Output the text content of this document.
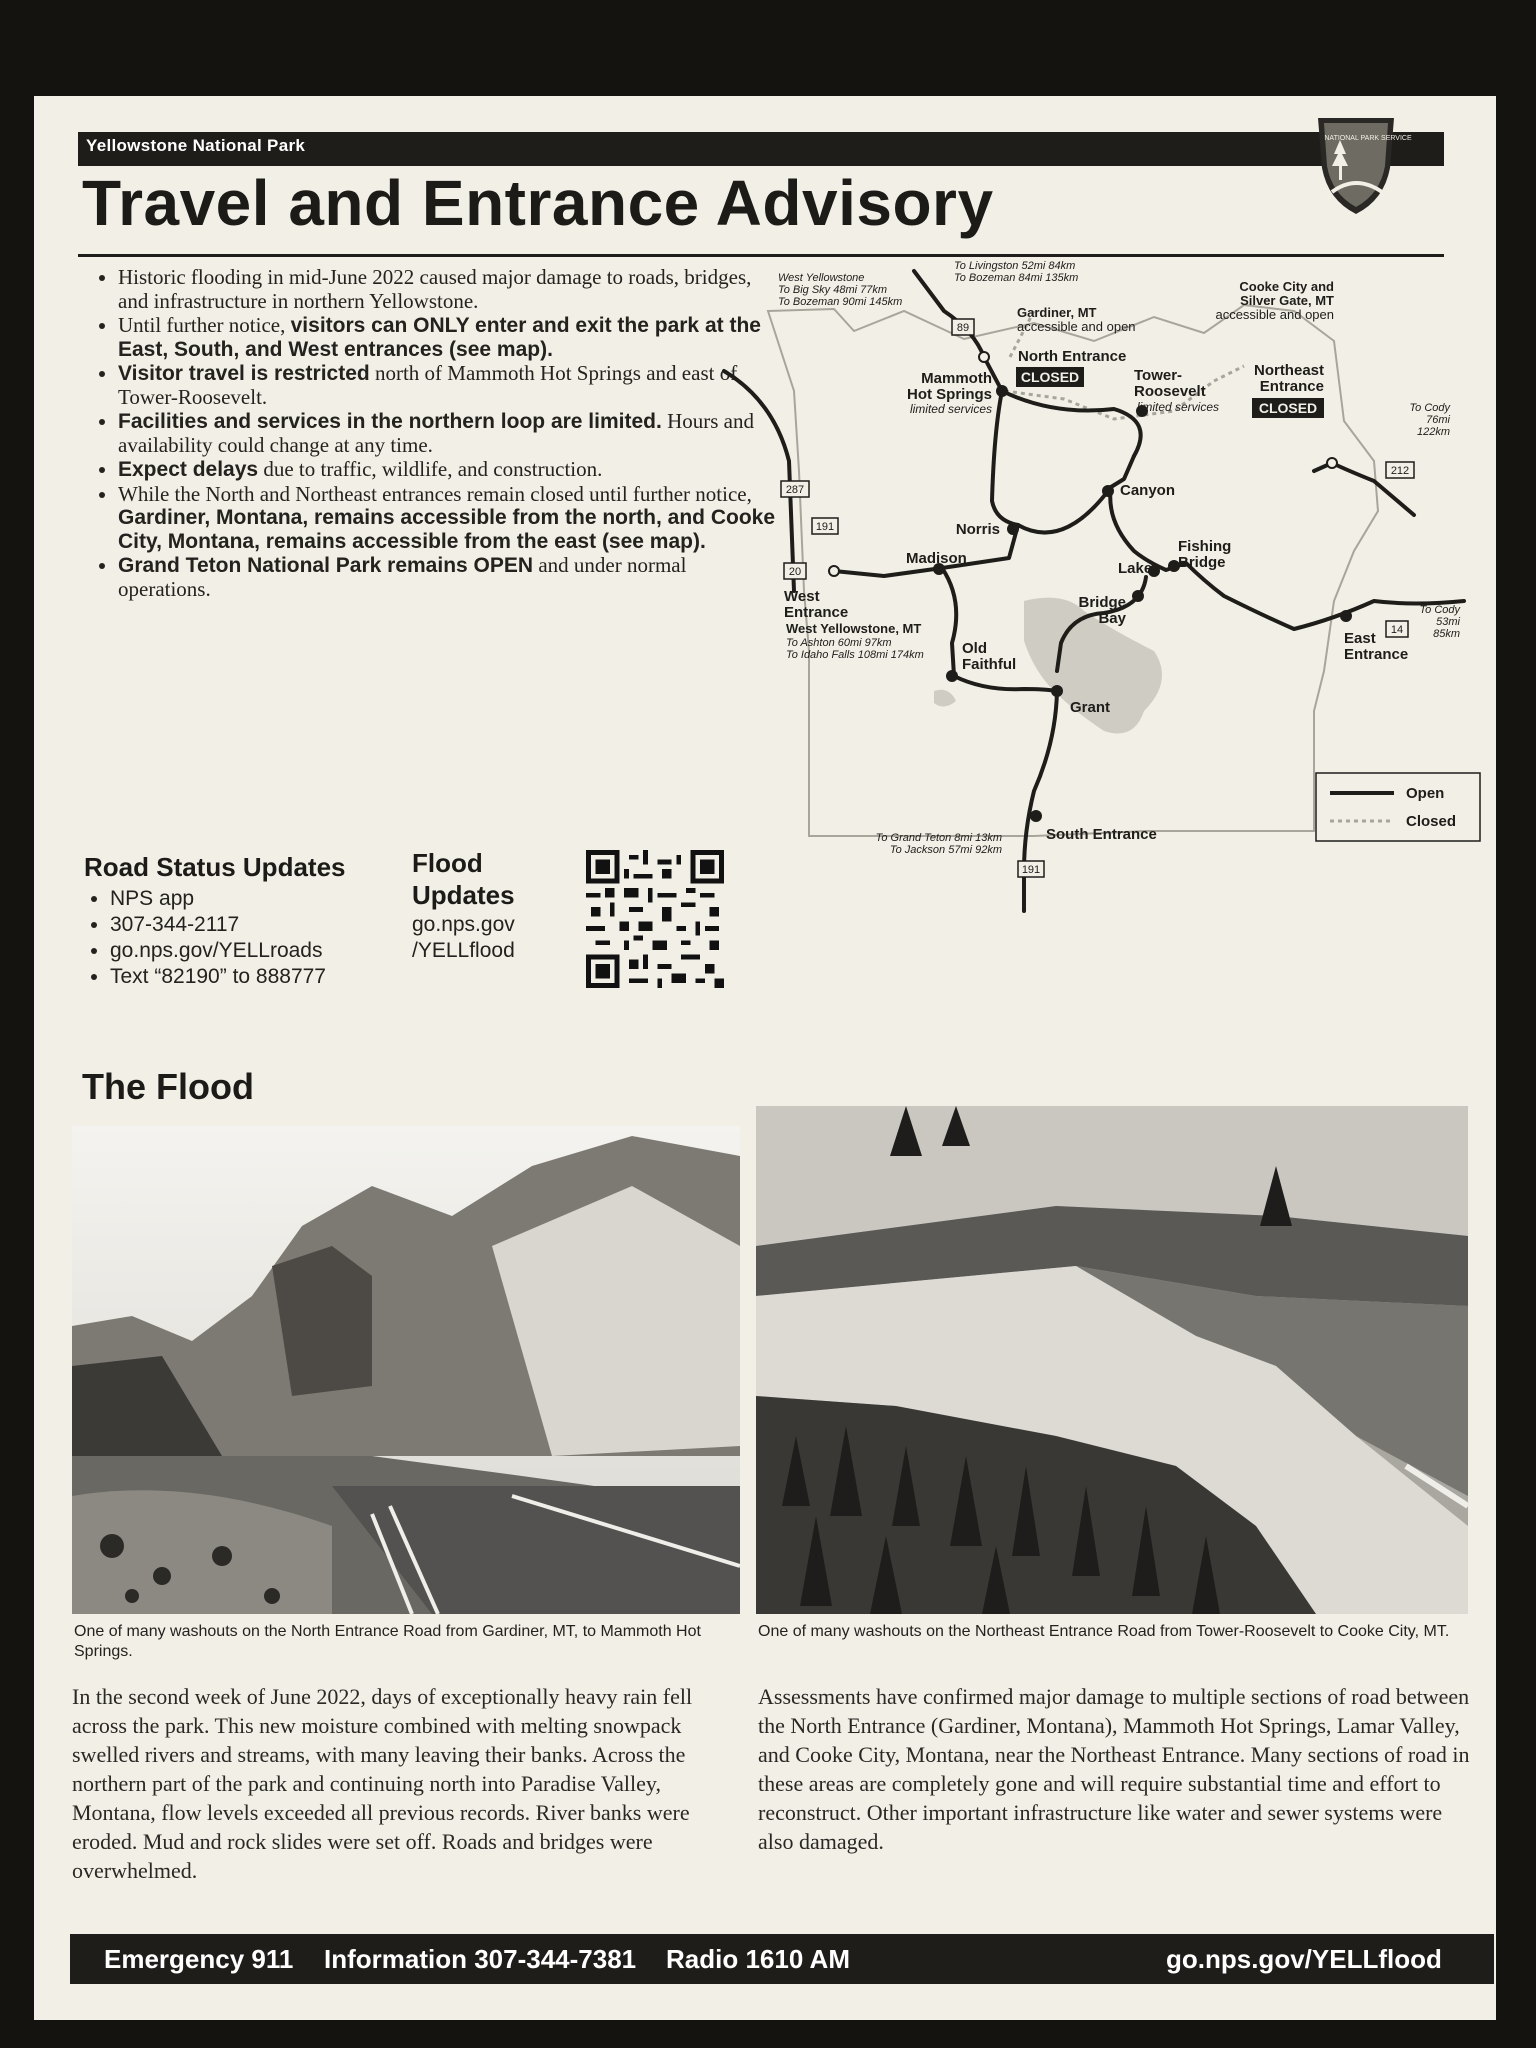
Yellowstone National Park	NATIONAL PARK SERVICE
Travel and Entrance Advisory
• Historic flooding in mid-June 2022 caused major damage to roads, bridges, and infrastructure in northern Yellowstone.
• Until further notice, visitors can ONLY enter and exit the park at the East, South, and West entrances (see map).
• Visitor travel is restricted north of Mammoth Hot Springs and east of Tower-Roosevelt.
• Facilities and services in the northern loop are limited. Hours and availability could change at any time.
• Expect delays due to traffic, wildlife, and construction.
• While the North and Northeast entrances remain closed until further notice, Gardiner, Montana, remains accessible from the north, and Cooke City, Montana, remains accessible from the east (see map).
• Grand Teton National Park remains OPEN and under normal operations.
Road Status Updates
• NPS app
• 307-344-2117
• go.nps.gov/YELLroads
• Text “82190” to 888777
Flood
Updates
go.nps.gov
/YELLflood
89
287
191
20
212
14
191
West Yellowstone
To Big Sky 48mi 77km
To Bozeman 90mi 145km
To Livingston 52mi 84km
To Bozeman 84mi 135km
Gardiner, MT
accessible and open
Cooke City and
Silver Gate, MT
accessible and open
North Entrance
CLOSED	Northeast
Entrance
CLOSED
Mammoth
Hot Springs
limited services
Tower-
Roosevelt
limited services	To Cody
76mi
122km
Norris
Canyon
Madison
West
Entrance
West Yellowstone, MT
To Ashton 60mi 97km
To Idaho Falls 108mi 174km
Fishing
Bridge
Lake
Bridge
Bay
Old
Faithful
Grant
East
Entrance
To Cody
53mi
85km
South Entrance
To Grand Teton 8mi 13km
To Jackson 57mi 92km
Open
Closed
The Flood
One of many washouts on the North Entrance Road from Gardiner, MT, to Mammoth Hot Springs.
One of many washouts on the Northeast Entrance Road from Tower-Roosevelt to Cooke City, MT.
In the second week of June 2022, days of exceptionally heavy rain fell across the park. This new moisture combined with melting snowpack swelled rivers and streams, with many leaving their banks. Across the northern part of the park and continuing north into Paradise Valley, Montana, flow levels exceeded all previous records. River banks were eroded. Mud and rock slides were set off. Roads and bridges were overwhelmed.
Assessments have confirmed major damage to multiple sections of road between the North Entrance (Gardiner, Montana), Mammoth Hot Springs, Lamar Valley, and Cooke City, Montana, near the Northeast Entrance. Many sections of road in these areas are completely gone and will require substantial time and effort to reconstruct. Other important infrastructure like water and sewer systems were also damaged.
Emergency 911 Information 307-344-7381 Radio 1610 AM	go.nps.gov/YELLflood
